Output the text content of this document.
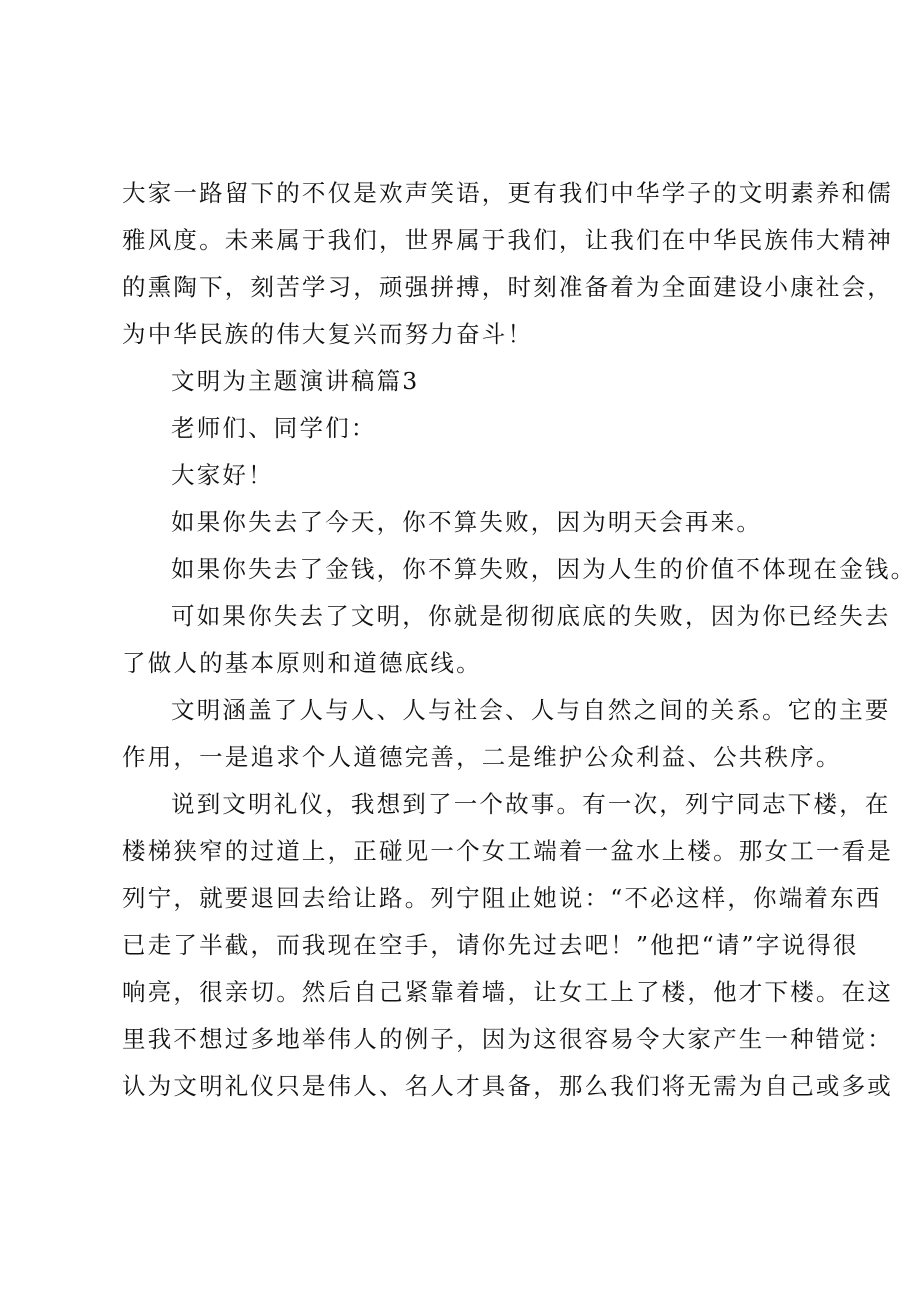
大家一路留下的不仅是欢声笑语，更有我们中华学子的文明素养和儒

雅风度。未来属于我们，世界属于我们，让我们在中华民族伟大精神

的熏陶下，刻苦学习，顽强拼搏，时刻准备着为全面建设小康社会，

为中华民族的伟大复兴而努力奋斗！

文明为主题演讲稿篇3

老师们、同学们：

大家好！

如果你失去了今天，你不算失败，因为明天会再来。

如果你失去了金钱，你不算失败，因为人生的价值不体现在金钱。

可如果你失去了文明，你就是彻彻底底的失败，因为你已经失去

了做人的基本原则和道德底线。

文明涵盖了人与人、人与社会、人与自然之间的关系。它的主要

作用，一是追求个人道德完善，二是维护公众利益、公共秩序。

说到文明礼仪，我想到了一个故事。有一次，列宁同志下楼，在

楼梯狭窄的过道上，正碰见一个女工端着一盆水上楼。那女工一看是

列宁，就要退回去给让路。列宁阻止她说：“不必这样，你端着东西

已走了半截，而我现在空手，请你先过去吧！”他把“请”字说得很

响亮，很亲切。然后自己紧靠着墙，让女工上了楼，他才下楼。在这

里我不想过多地举伟人的例子，因为这很容易令大家产生一种错觉：

认为文明礼仪只是伟人、名人才具备，那么我们将无需为自己或多或
